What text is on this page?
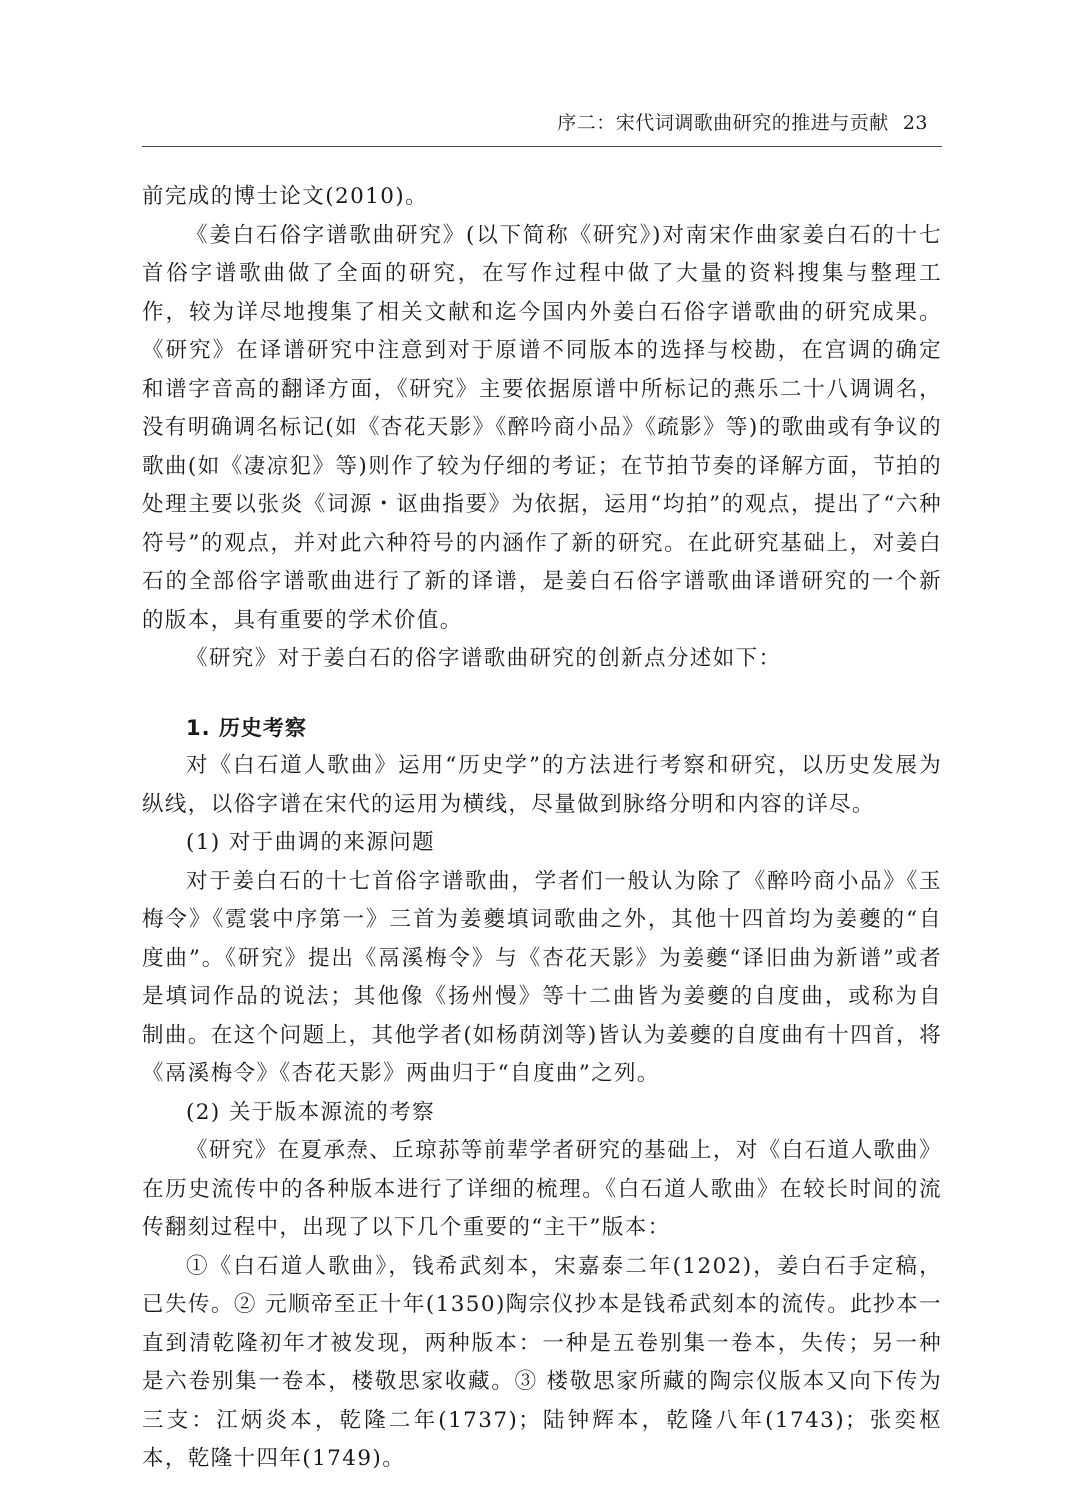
序二：宋代词调歌曲研究的推进与贡献 23

前完成的博士论文(2010)。

《姜白石俗字谱歌曲研究》(以下简称《研究》)对南宋作曲家姜白石的十七首俗字谱歌曲做了全面的研究，在写作过程中做了大量的资料搜集与整理工作，较为详尽地搜集了相关文献和迄今国内外姜白石俗字谱歌曲的研究成果。《研究》在译谱研究中注意到对于原谱不同版本的选择与校勘，在宫调的确定和谱字音高的翻译方面，《研究》主要依据原谱中所标记的燕乐二十八调调名，没有明确调名标记(如《杏花天影》《醉吟商小品》《疏影》等)的歌曲或有争议的歌曲(如《凄凉犯》等)则作了较为仔细的考证；在节拍节奏的译解方面，节拍的处理主要以张炎《词源・讴曲指要》为依据，运用“均拍”的观点，提出了“六种符号”的观点，并对此六种符号的内涵作了新的研究。在此研究基础上，对姜白石的全部俗字谱歌曲进行了新的译谱，是姜白石俗字谱歌曲译谱研究的一个新的版本，具有重要的学术价值。

《研究》对于姜白石的俗字谱歌曲研究的创新点分述如下：

1. 历史考察

对《白石道人歌曲》运用“历史学”的方法进行考察和研究，以历史发展为纵线，以俗字谱在宋代的运用为横线，尽量做到脉络分明和内容的详尽。

(1) 对于曲调的来源问题

对于姜白石的十七首俗字谱歌曲，学者们一般认为除了《醉吟商小品》《玉梅令》《霓裳中序第一》三首为姜夔填词歌曲之外，其他十四首均为姜夔的“自度曲”。《研究》提出《鬲溪梅令》与《杏花天影》为姜夔“译旧曲为新谱”或者是填词作品的说法；其他像《扬州慢》等十二曲皆为姜夔的自度曲，或称为自制曲。在这个问题上，其他学者(如杨荫浏等)皆认为姜夔的自度曲有十四首，将《鬲溪梅令》《杏花天影》两曲归于“自度曲”之列。

(2) 关于版本源流的考察

《研究》在夏承焘、丘琼荪等前辈学者研究的基础上，对《白石道人歌曲》在历史流传中的各种版本进行了详细的梳理。《白石道人歌曲》在较长时间的流传翻刻过程中，出现了以下几个重要的“主干”版本：

①《白石道人歌曲》，钱希武刻本，宋嘉泰二年(1202)，姜白石手定稿，已失传。② 元顺帝至正十年(1350)陶宗仪抄本是钱希武刻本的流传。此抄本一直到清乾隆初年才被发现，两种版本：一种是五卷别集一卷本，失传；另一种是六卷别集一卷本，楼敬思家收藏。③ 楼敬思家所藏的陶宗仪版本又向下传为三支：江炳炎本，乾隆二年(1737)；陆钟辉本，乾隆八年(1743)；张奕枢本，乾隆十四年(1749)。
